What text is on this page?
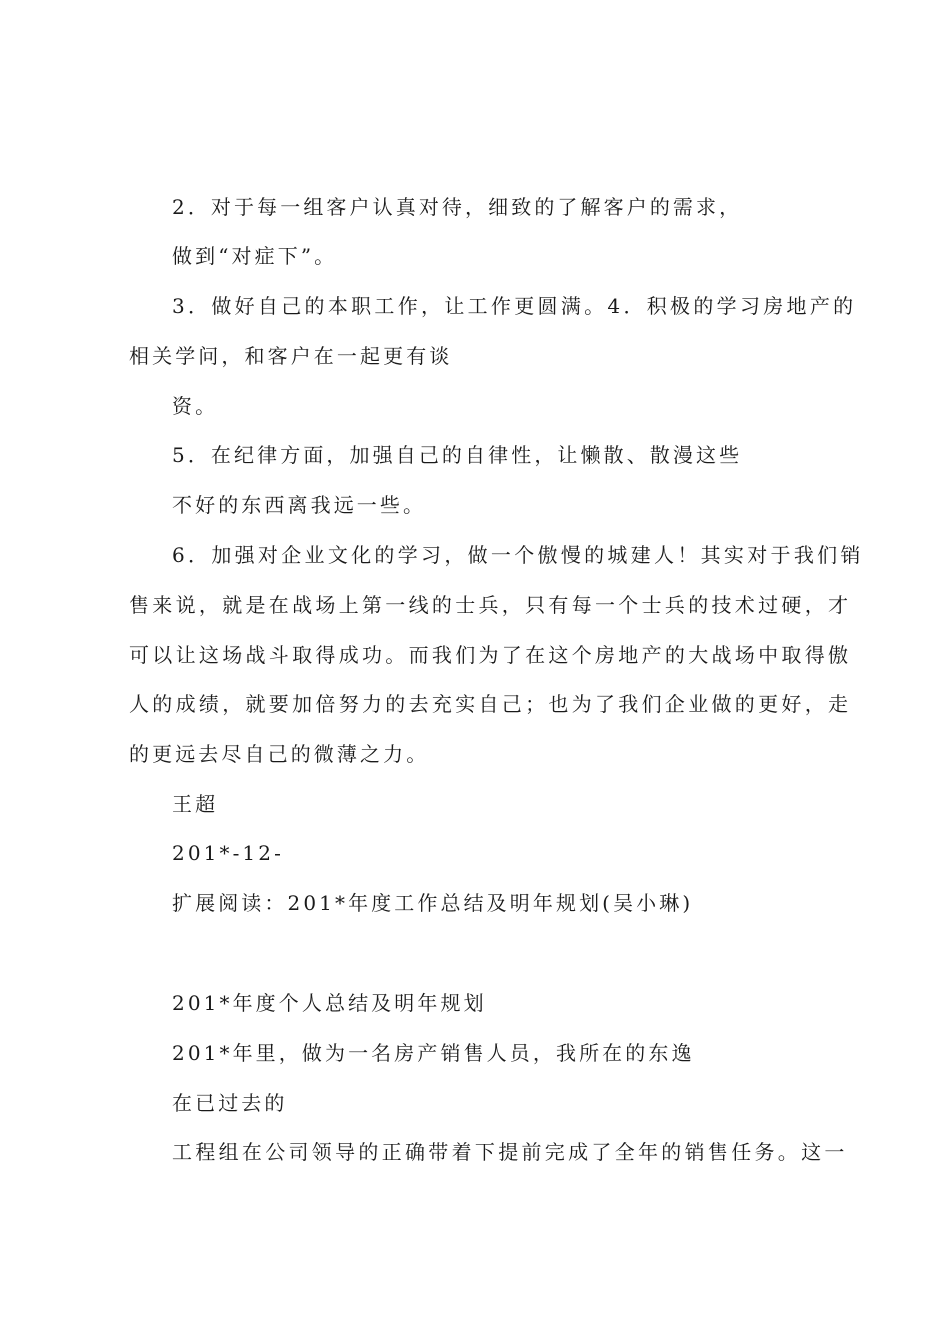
2．对于每一组客户认真对待，细致的了解客户的需求，
做到“对症下”。
3．做好自己的本职工作，让工作更圆满。4．积极的学习房地产的
相关学问，和客户在一起更有谈
资。
5．在纪律方面，加强自己的自律性，让懒散、散漫这些
不好的东西离我远一些。
6．加强对企业文化的学习，做一个傲慢的城建人！其实对于我们销
售来说，就是在战场上第一线的士兵，只有每一个士兵的技术过硬，才
可以让这场战斗取得成功。而我们为了在这个房地产的大战场中取得傲
人的成绩，就要加倍努力的去充实自己；也为了我们企业做的更好，走
的更远去尽自己的微薄之力。
王超
201*-12-
扩展阅读：201*年度工作总结及明年规划(吴小琳)
201*年度个人总结及明年规划
201*年里，做为一名房产销售人员，我所在的东逸
在已过去的
工程组在公司领导的正确带着下提前完成了全年的销售任务。这一
